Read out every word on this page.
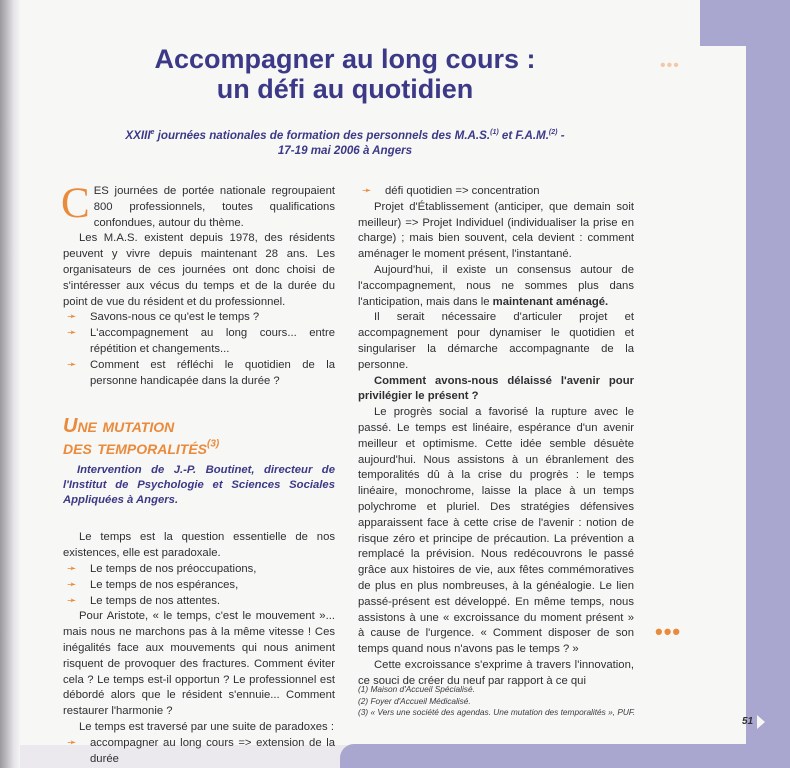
•••
Accompagner au long cours :
un défi au quotidien

XXIIIe journées nationales de formation des personnels des M.A.S.$^{(1)}$ et F.A.M.$^{(2)}$ -
17-19 mai 2006 à Angers

CES journées de portée nationale regroupaient 800 professionnels, toutes qualifications confondues, autour du thème.

Les M.A.S. existent depuis 1978, des résidents peuvent y vivre depuis maintenant 28 ans. Les organisateurs de ces journées ont donc choisi de s'intéresser aux vécus du temps et de la durée du point de vue du résident et du professionnel.

➛	Savons-nous ce qu'est le temps ?
➛	L'accompagnement au long cours... entre répétition et changements...
➛	Comment est réfléchi le quotidien de la personne handicapée dans la durée ?
Une mutation
des temporalités$^{(3)}$

Intervention de J.-P. Boutinet, directeur de l'Institut de Psychologie et Sciences Sociales Appliquées à Angers.

Le temps est la question essentielle de nos existences, elle est paradoxale.

➛	Le temps de nos préoccupations,
➛	Le temps de nos espérances,
➛	Le temps de nos attentes.

Pour Aristote, « le temps, c'est le mouvement »... mais nous ne marchons pas à la même vitesse ! Ces inégalités face aux mouvements qui nous animent risquent de provoquer des fractures. Comment éviter cela ? Le temps est-il opportun ? Le professionnel est débordé alors que le résident s'ennuie... Comment restaurer l'harmonie ?

Le temps est traversé par une suite de paradoxes :

➛	accompagner au long cours => extension de la durée
➛	défi quotidien => concentration

Projet d'Établissement (anticiper, que demain soit meilleur) => Projet Individuel (individualiser la prise en charge) ; mais bien souvent, cela devient : comment aménager le moment présent, l'instantané.

Aujourd'hui, il existe un consensus autour de l'accompagnement, nous ne sommes plus dans l'anticipation, mais dans le maintenant aménagé.

Il serait nécessaire d'articuler projet et accompagnement pour dynamiser le quotidien et singulariser la démarche accompagnante de la personne.

Comment avons-nous délaissé l'avenir pour privilégier le présent ?

Le progrès social a favorisé la rupture avec le passé. Le temps est linéaire, espérance d'un avenir meilleur et optimisme. Cette idée semble désuète aujourd'hui. Nous assistons à un ébranlement des temporalités dû à la crise du progrès : le temps linéaire, monochrome, laisse la place à un temps polychrome et pluriel. Des stratégies défensives apparaissent face à cette crise de l'avenir : notion de risque zéro et principe de précaution. La prévention a remplacé la prévision. Nous redécouvrons le passé grâce aux histoires de vie, aux fêtes commémoratives de plus en plus nombreuses, à la généalogie. Le lien passé-présent est développé. En même temps, nous assistons à une « excroissance du moment présent » à cause de l'urgence. « Comment disposer de son temps quand nous n'avons pas le temps ? »

Cette excroissance s'exprime à travers l'innovation, ce souci de créer du neuf par rapport à ce qui

(1) Maison d'Accueil Spécialisé.

(2) Foyer d'Accueil Médicalisé.

(3) « Vers une société des agendas. Une mutation des temporalités », PUF.

•••
51
